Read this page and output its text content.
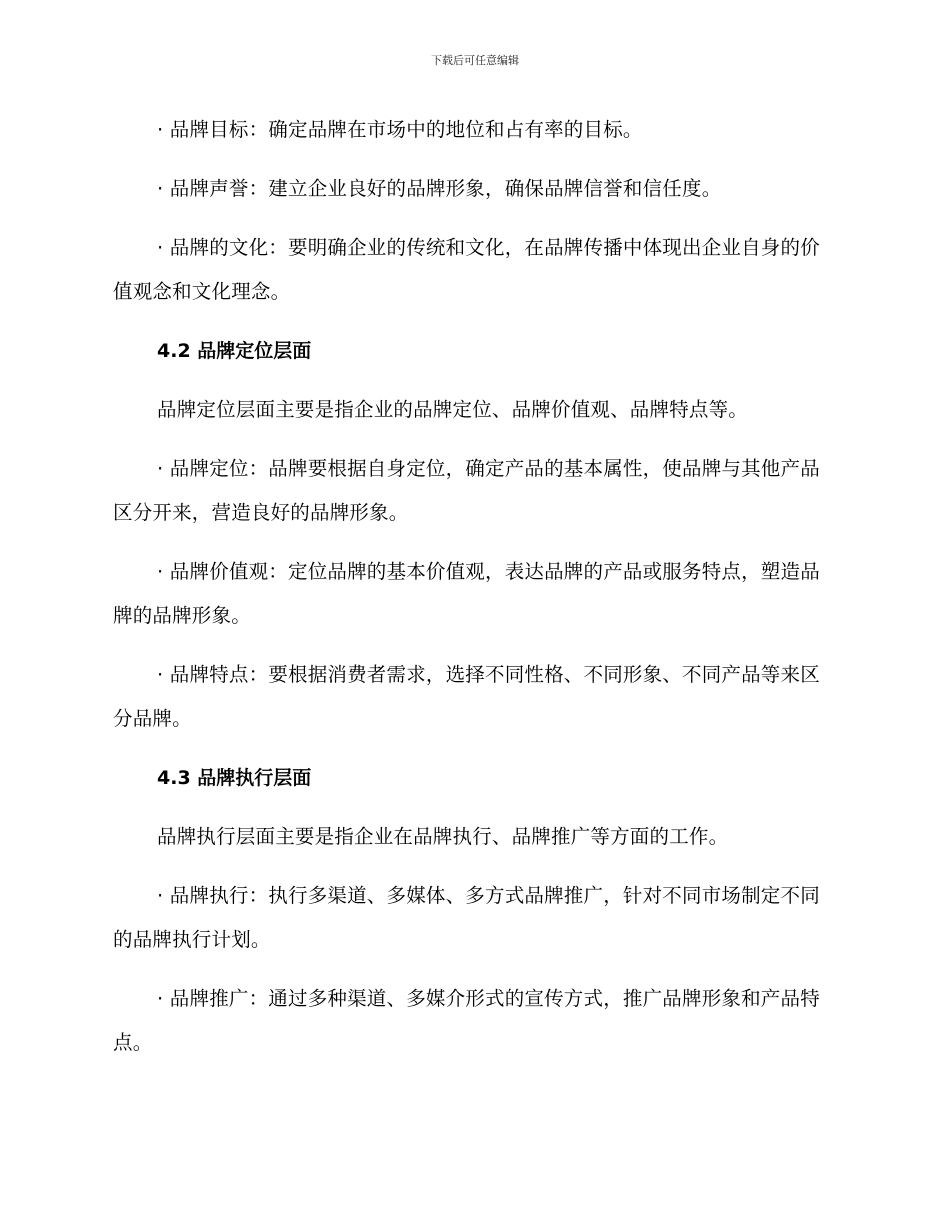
下载后可任意编辑
· 品牌目标：确定品牌在市场中的地位和占有率的目标。
· 品牌声誉：建立企业良好的品牌形象，确保品牌信誉和信任度。
· 品牌的文化：要明确企业的传统和文化，在品牌传播中体现出企业自身的价值观念和文化理念。
4.2 品牌定位层面
品牌定位层面主要是指企业的品牌定位、品牌价值观、品牌特点等。
· 品牌定位：品牌要根据自身定位，确定产品的基本属性，使品牌与其他产品区分开来，营造良好的品牌形象。
· 品牌价值观：定位品牌的基本价值观，表达品牌的产品或服务特点，塑造品牌的品牌形象。
· 品牌特点：要根据消费者需求，选择不同性格、不同形象、不同产品等来区分品牌。
4.3 品牌执行层面
品牌执行层面主要是指企业在品牌执行、品牌推广等方面的工作。
· 品牌执行：执行多渠道、多媒体、多方式品牌推广，针对不同市场制定不同的品牌执行计划。
· 品牌推广：通过多种渠道、多媒介形式的宣传方式，推广品牌形象和产品特点。
